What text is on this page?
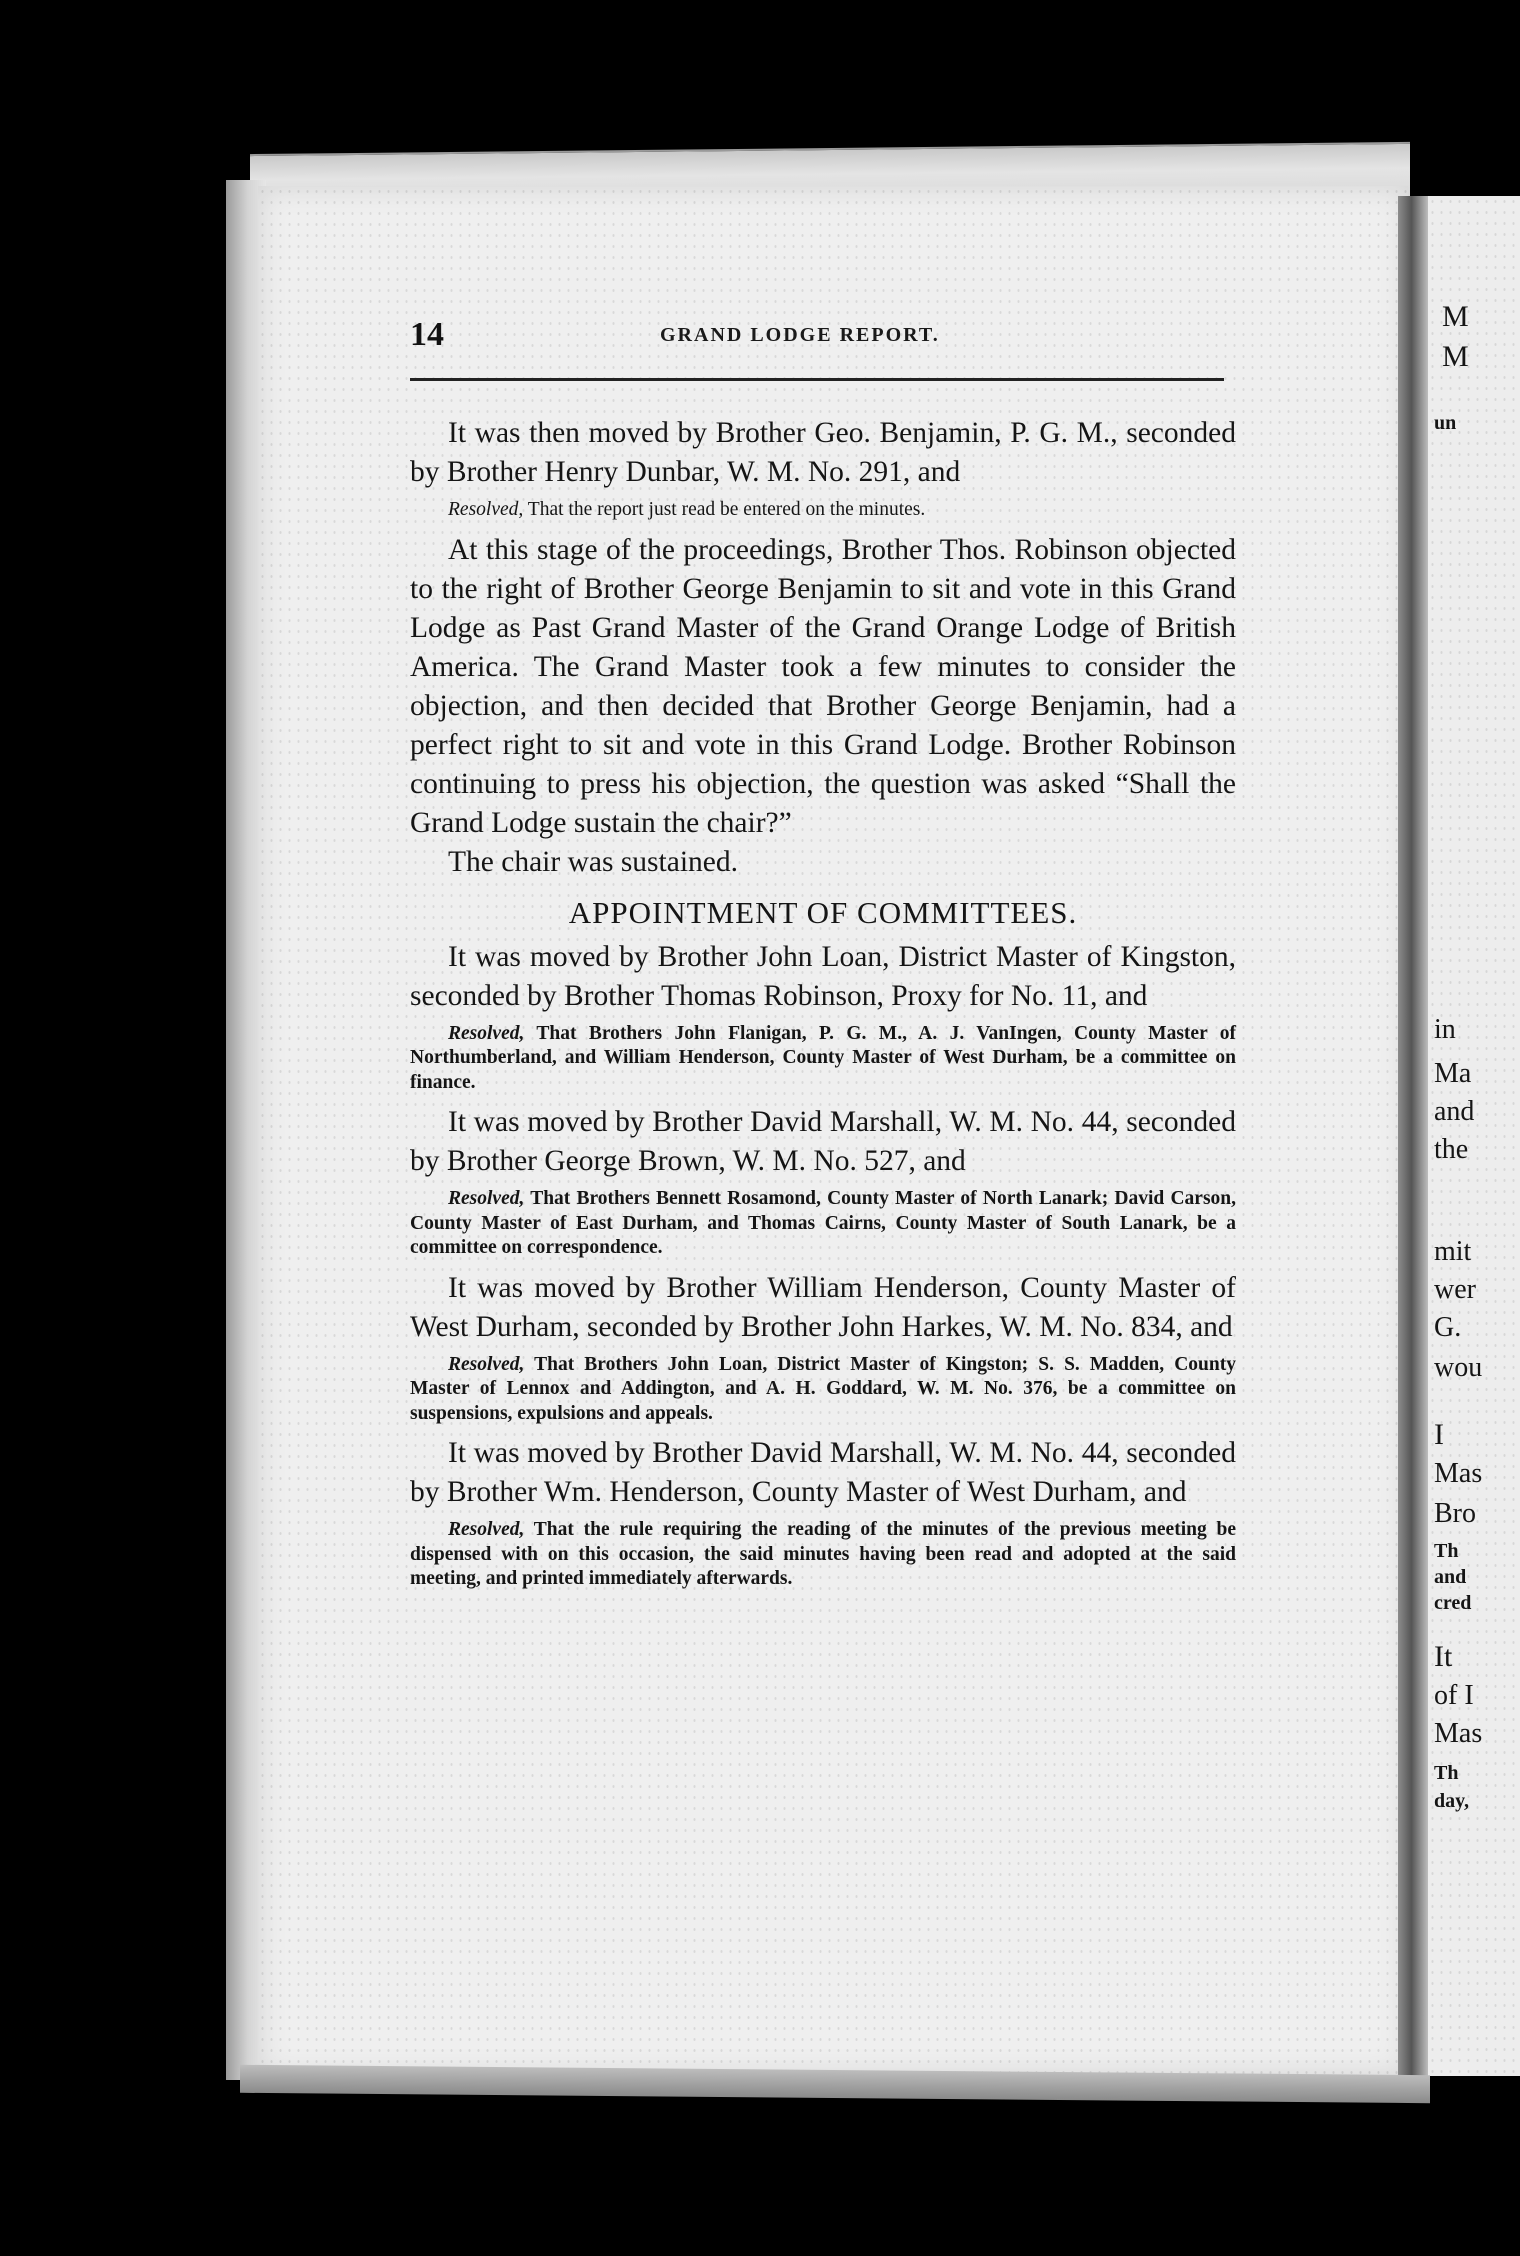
M
M
un
in
Ma
and
the
mit
wer
G.
wou
I
Mas
Bro
Th
and
cred
It
of I
Mas
Th
day,
14	GRAND LODGE REPORT.

It was then moved by Brother Geo. Benjamin, P. G. M., seconded by Brother Henry Dunbar, W. M. No. 291, and

Resolved, That the report just read be entered on the minutes.

At this stage of the proceedings, Brother Thos. Robinson objected to the right of Brother George Benjamin to sit and vote in this Grand Lodge as Past Grand Master of the Grand Orange Lodge of British America. The Grand Master took a few minutes to consider the objection, and then decided that Brother George Benjamin, had a perfect right to sit and vote in this Grand Lodge. Brother Robinson continuing to press his objection, the question was asked “Shall the Grand Lodge sustain the chair?”

The chair was sustained.

APPOINTMENT OF COMMITTEES.

It was moved by Brother John Loan, District Master of Kingston, seconded by Brother Thomas Robinson, Proxy for No. 11, and

Resolved, That Brothers John Flanigan, P. G. M., A. J. VanIngen, County Master of Northumberland, and William Henderson, County Master of West Durham, be a committee on finance.

It was moved by Brother David Marshall, W. M. No. 44, seconded by Brother George Brown, W. M. No. 527, and

Resolved, That Brothers Bennett Rosamond, County Master of North Lanark; David Carson, County Master of East Durham, and Thomas Cairns, County Master of South Lanark, be a committee on correspondence.

It was moved by Brother William Henderson, County Master of West Durham, seconded by Brother John Harkes, W. M. No. 834, and

Resolved, That Brothers John Loan, District Master of Kingston; S. S. Madden, County Master of Lennox and Addington, and A. H. Goddard, W. M. No. 376, be a committee on suspensions, expulsions and appeals.

It was moved by Brother David Marshall, W. M. No. 44, seconded by Brother Wm. Henderson, County Master of West Durham, and

Resolved, That the rule requiring the reading of the minutes of the previous meeting be dispensed with on this occasion, the said minutes having been read and adopted at the said meeting, and printed immediately afterwards.
